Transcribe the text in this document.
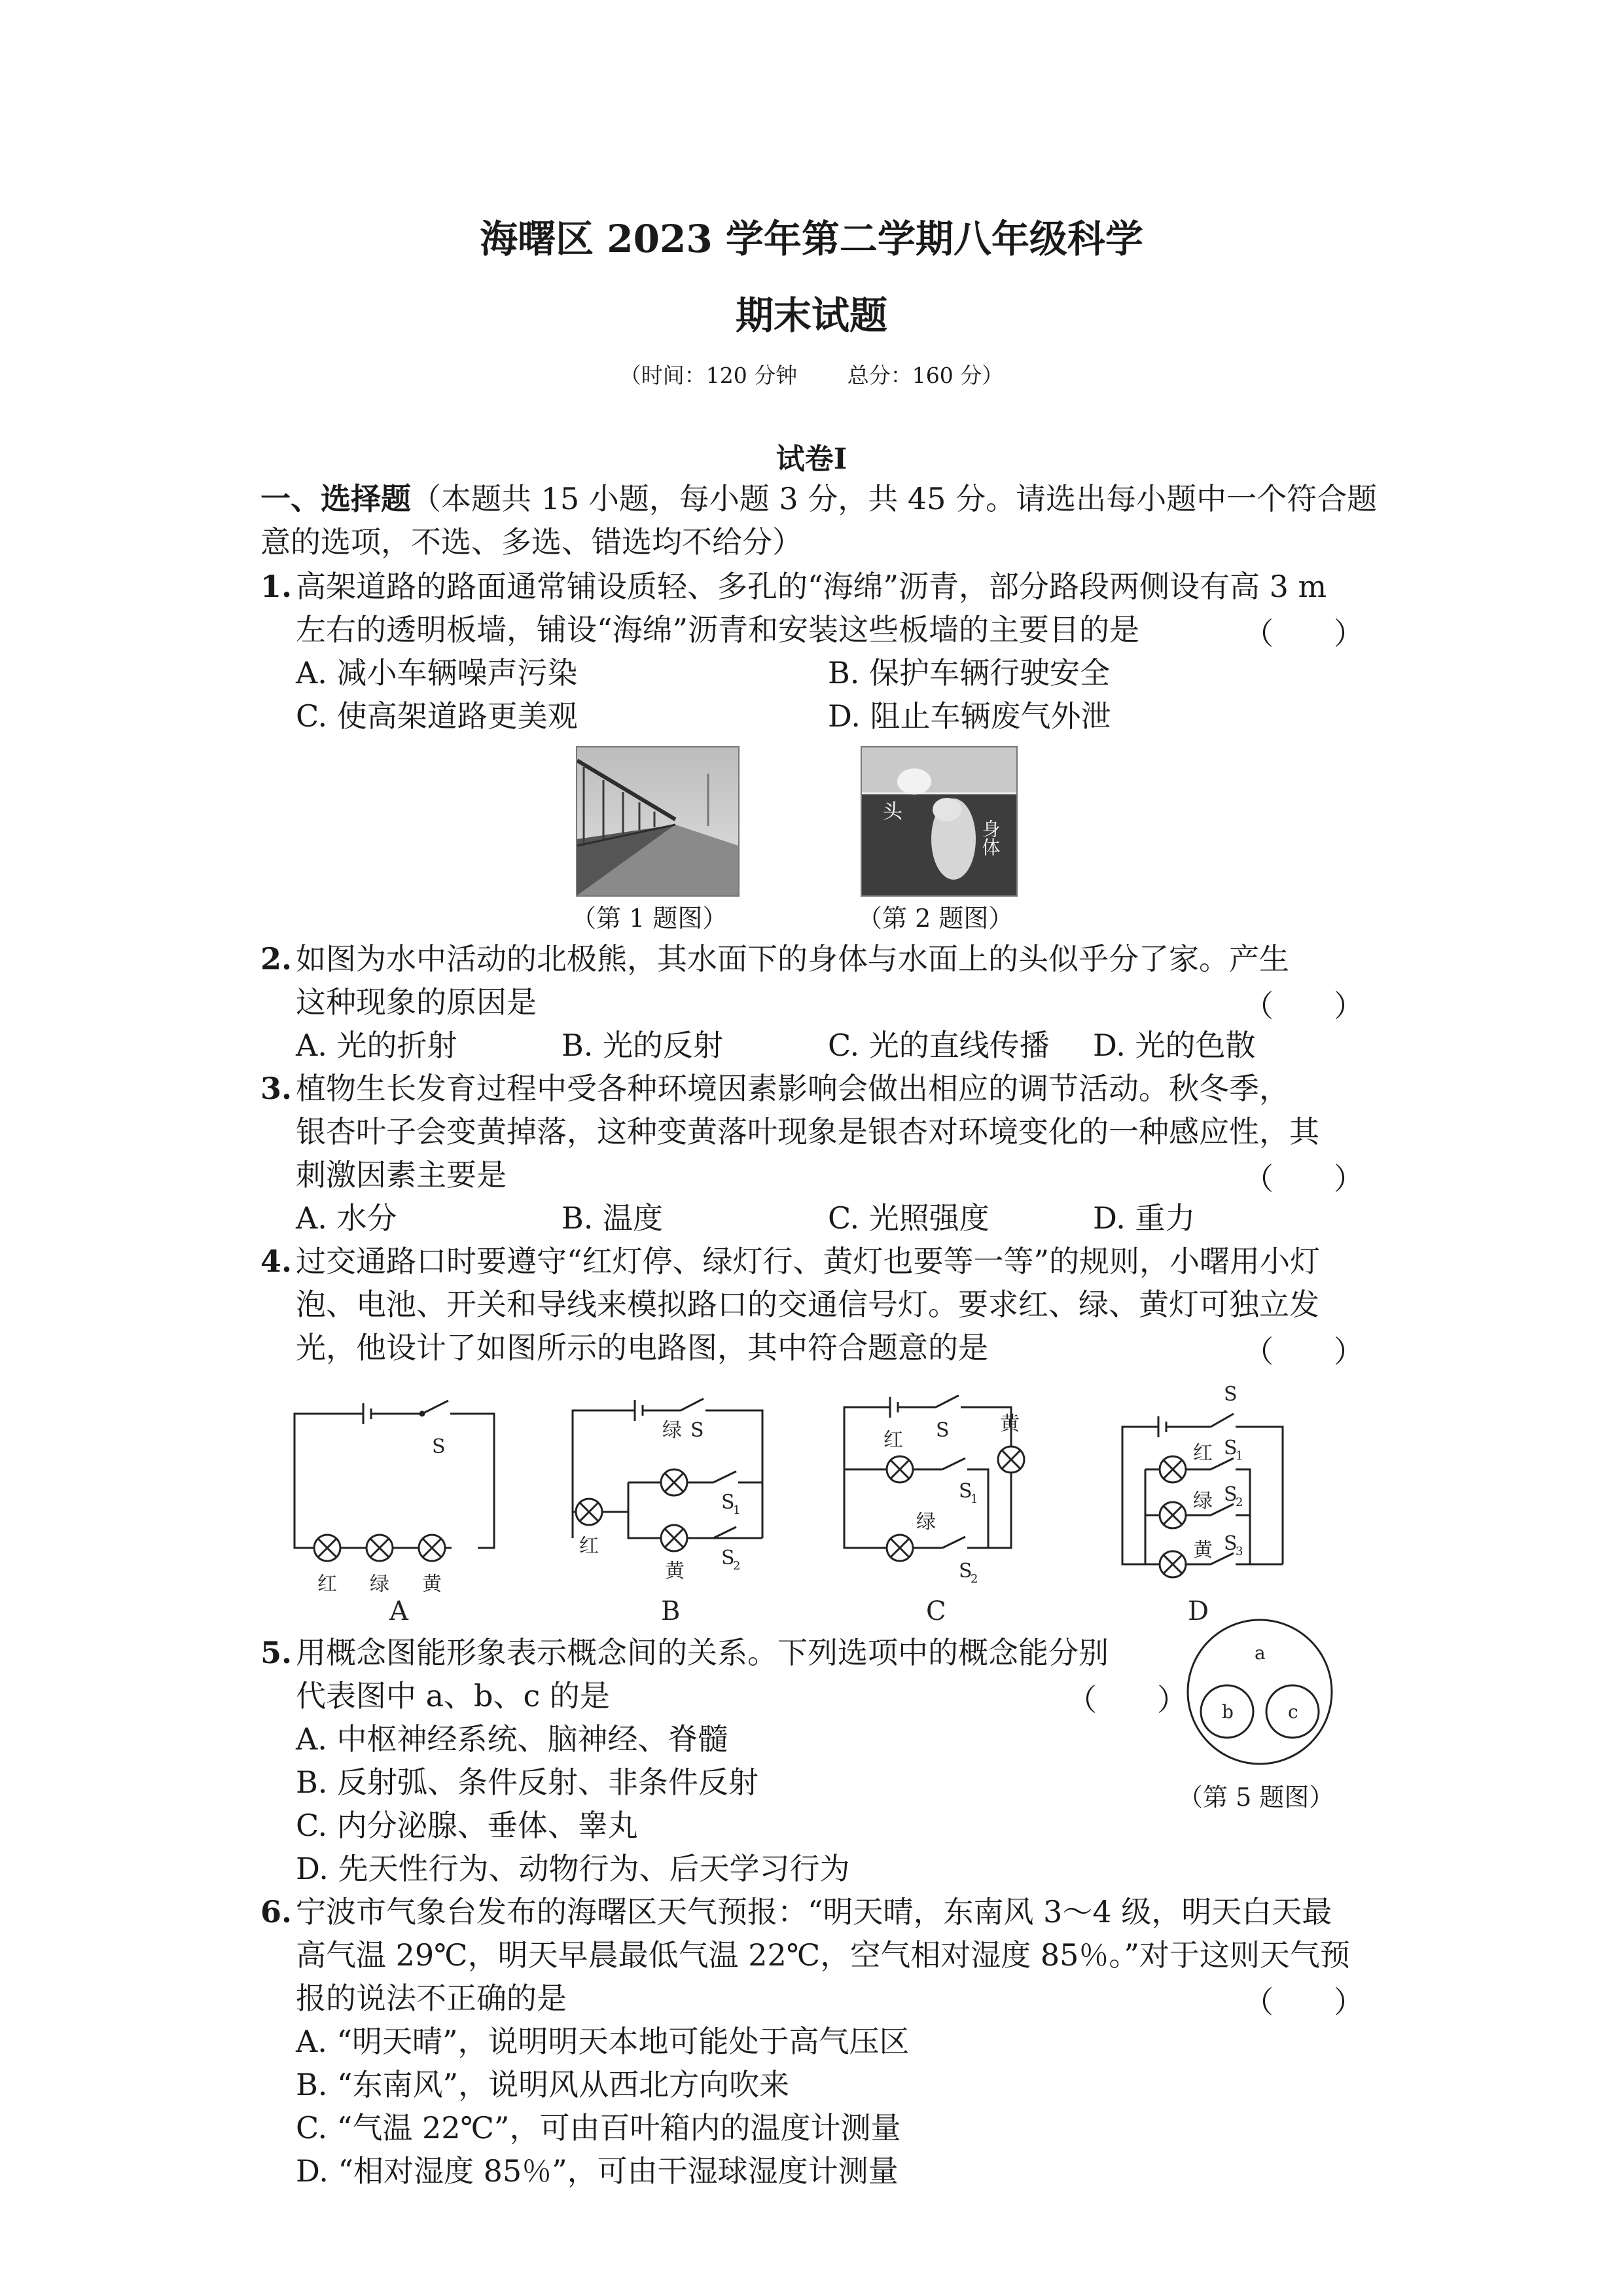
海曙区 2023 学年第二学期八年级科学
期末试题
（时间：120 分钟　　 总分：160 分）
试卷Ⅰ
一、选择题（本题共 15 小题，每小题 3 分，共 45 分。请选出每小题中一个符合题
意的选项，不选、多选、错选均不给分）
1. 高架道路的路面通常铺设质轻、多孔的“海绵”沥青，部分路段两侧设有高 3 m
左右的透明板墙，铺设“海绵”沥青和安装这些板墙的主要目的是	（　　）
A. 减小车辆噪声污染	B. 保护车辆行驶安全
C. 使高架道路更美观	D. 阻止车辆废气外泄
（第 1 题图）
头
身体
（第 2 题图）
2. 如图为水中活动的北极熊，其水面下的身体与水面上的头似乎分了家。产生
这种现象的原因是	（　　）
A. 光的折射	B. 光的反射	C. 光的直线传播 D. 光的色散
3. 植物生长发育过程中受各种环境因素影响会做出相应的调节活动。秋冬季，
银杏叶子会变黄掉落，这种变黄落叶现象是银杏对环境变化的一种感应性，其
刺激因素主要是	（　　）
A. 水分	B. 温度	C. 光照强度	D. 重力
4. 过交通路口时要遵守“红灯停、绿灯行、黄灯也要等一等”的规则，小曙用小灯
泡、电池、开关和导线来模拟路口的交通信号灯。要求红、绿、黄灯可独立发
光，他设计了如图所示的电路图，其中符合题意的是	（　　）
S
红 绿 黄
A
绿 S
红
黄
S
1
S
2
B
红 S	黄
S
1
绿
S
2
C
S
红 S
1
绿 S
2
黄 S
3
D
5. 用概念图能形象表示概念间的关系。下列选项中的概念能分别
代表图中 a、b、c 的是	（　　）
A. 中枢神经系统、脑神经、脊髓
B. 反射弧、条件反射、非条件反射
C. 内分泌腺、垂体、睾丸
D. 先天性行为、动物行为、后天学习行为
a
b	c
（第 5 题图）
6. 宁波市气象台发布的海曙区天气预报：“明天晴，东南风 3～4 级，明天白天最
高气温 29℃，明天早晨最低气温 22℃，空气相对湿度 85％。”对于这则天气预
报的说法不正确的是	（　　）
A. “明天晴”，说明明天本地可能处于高气压区
B. “东南风”，说明风从西北方向吹来
C. “气温 22℃”，可由百叶箱内的温度计测量
D. “相对湿度 85％”，可由干湿球湿度计测量
